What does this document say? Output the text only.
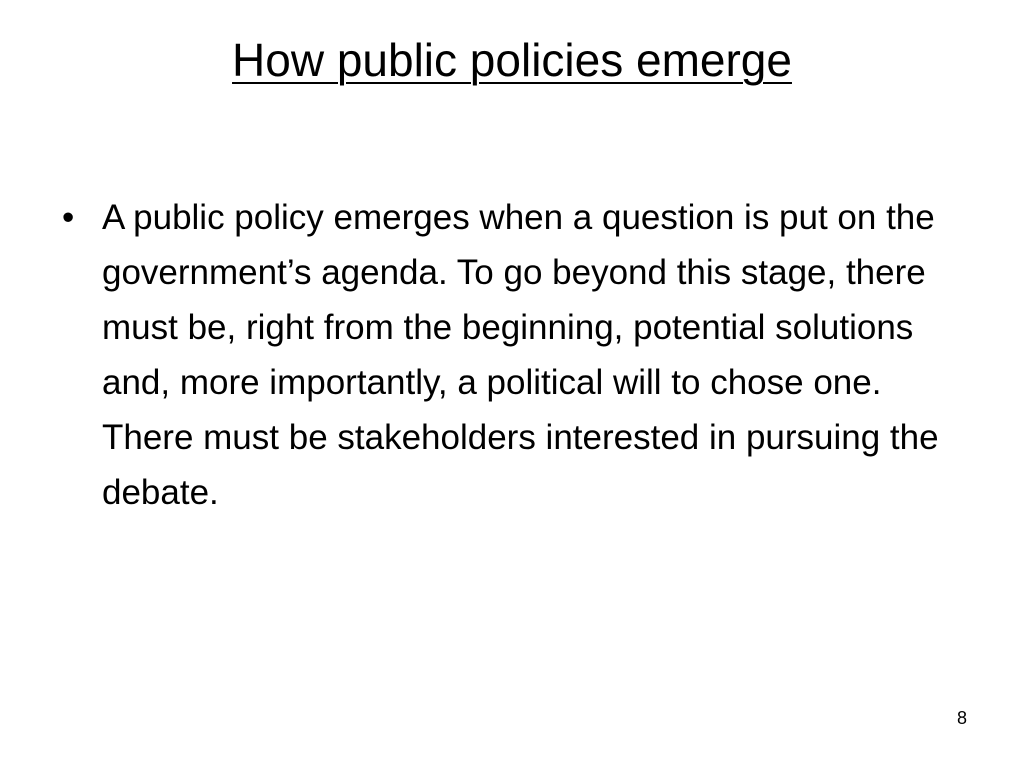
How public policies emerge
• A public policy emerges when a question is put on the government’s agenda. To go beyond this stage, there must be, right from the beginning, potential solutions and, more importantly, a political will to chose one. There must be stakeholders interested in pursuing the debate.
8
